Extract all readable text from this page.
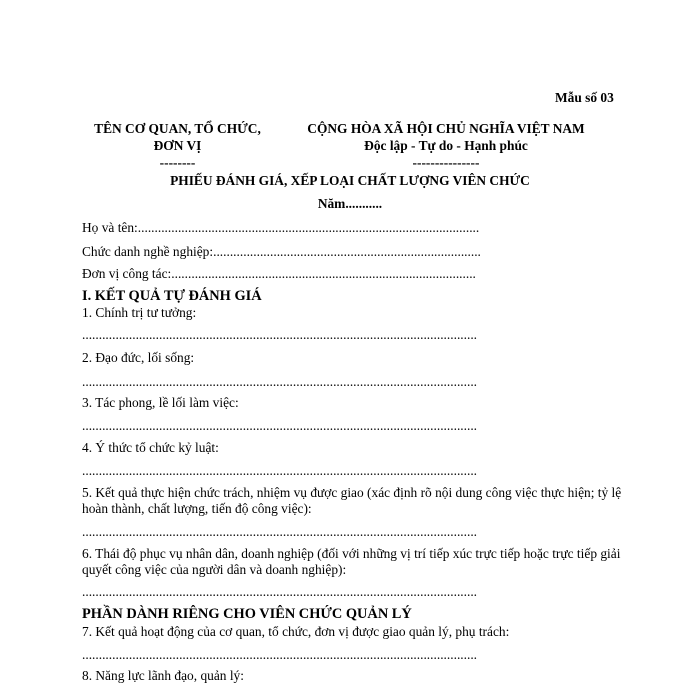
Mẫu số 03
TÊN CƠ QUAN, TỔ CHỨC,
ĐƠN VỊ
--------
CỘNG HÒA XÃ HỘI CHỦ NGHĨA VIỆT NAM
Độc lập - Tự do - Hạnh phúc
---------------
PHIẾU ĐÁNH GIÁ, XẾP LOẠI CHẤT LƯỢNG VIÊN CHỨC
Năm...........
Họ và tên:......................................................................................................
Chức danh nghề nghiệp:................................................................................
Đơn vị công tác:...........................................................................................
I. KẾT QUẢ TỰ ĐÁNH GIÁ
1. Chính trị tư tưởng:
......................................................................................................................
2. Đạo đức, lối sống:
......................................................................................................................
3. Tác phong, lề lối làm việc:
......................................................................................................................
4. Ý thức tổ chức kỷ luật:
......................................................................................................................
5. Kết quả thực hiện chức trách, nhiệm vụ được giao (xác định rõ nội dung công việc thực hiện; tỷ lệ hoàn thành, chất lượng, tiến độ công việc):
......................................................................................................................
6. Thái độ phục vụ nhân dân, doanh nghiệp (đối với những vị trí tiếp xúc trực tiếp hoặc trực tiếp giải quyết công việc của người dân và doanh nghiệp):
......................................................................................................................
PHẦN DÀNH RIÊNG CHO VIÊN CHỨC QUẢN LÝ
7. Kết quả hoạt động của cơ quan, tổ chức, đơn vị được giao quản lý, phụ trách:
......................................................................................................................
8. Năng lực lãnh đạo, quản lý:
